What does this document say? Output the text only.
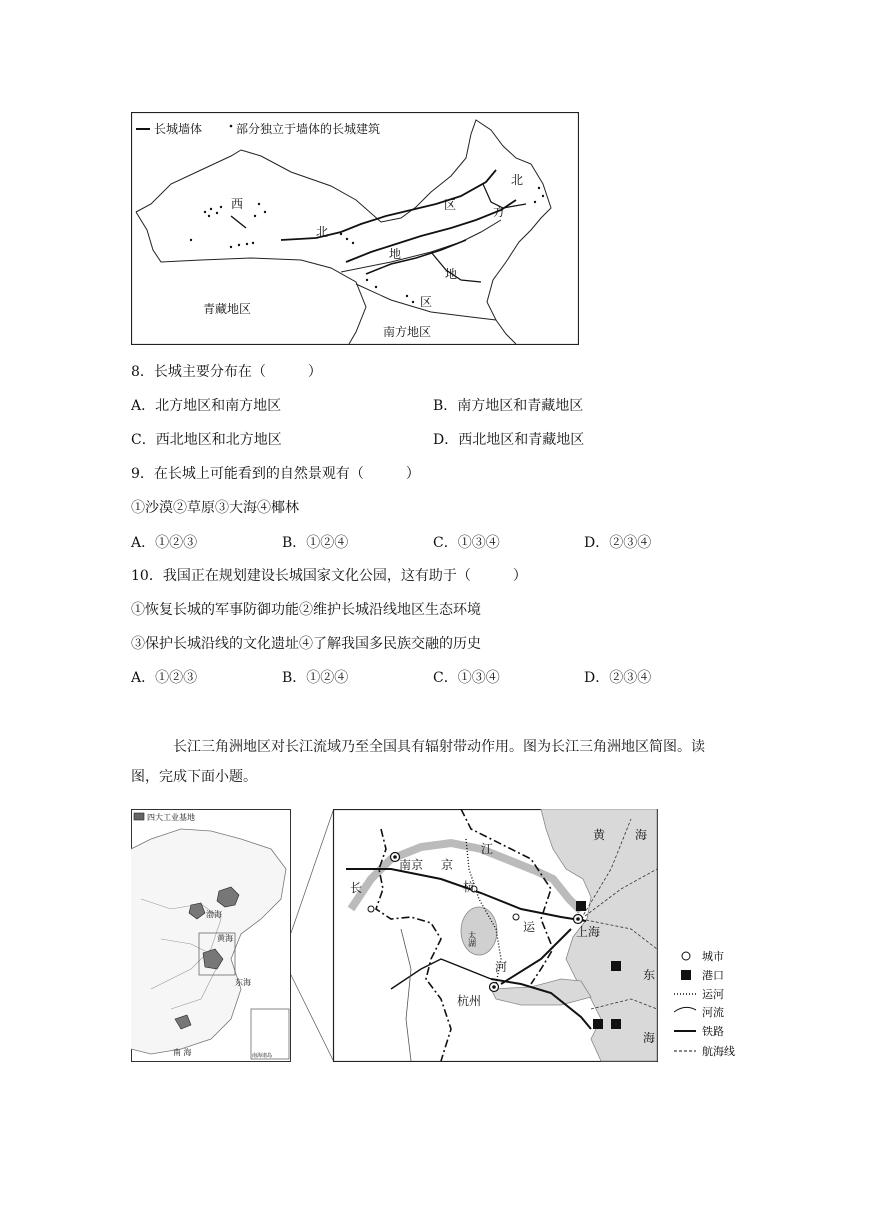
长城墙体	部分独立于墙体的长城建筑
西
北
区
地
北
方
地
区
青藏地区
南方地区
8．长城主要分布在（　　　）
A．北方地区和南方地区	B．南方地区和青藏地区
C．西北地区和北方地区	D．西北地区和青藏地区
9．在长城上可能看到的自然景观有（　　　）
①沙漠②草原③大海④椰林
A．①②③	B．①②④	C．①③④	D．②③④
10．我国正在规划建设长城国家文化公园，这有助于（　　　）
①恢复长城的军事防御功能②维护长城沿线地区生态环境
③保护长城沿线的文化遗址④了解我国多民族交融的历史
A．①②③	B．①②④	C．①③④	D．②③④
长江三角洲地区对长江流域乃至全国具有辐射带动作用。图为长江三角洲地区简图。读
图，完成下面小题。
四大工业基地
渤海
黄海
东 海
南 海	南海诸岛
南京 京
江
杭
长
太湖
运
河
上海
杭州
黄 海
东
海
城市
港口
运河
河流
铁路
航海线
